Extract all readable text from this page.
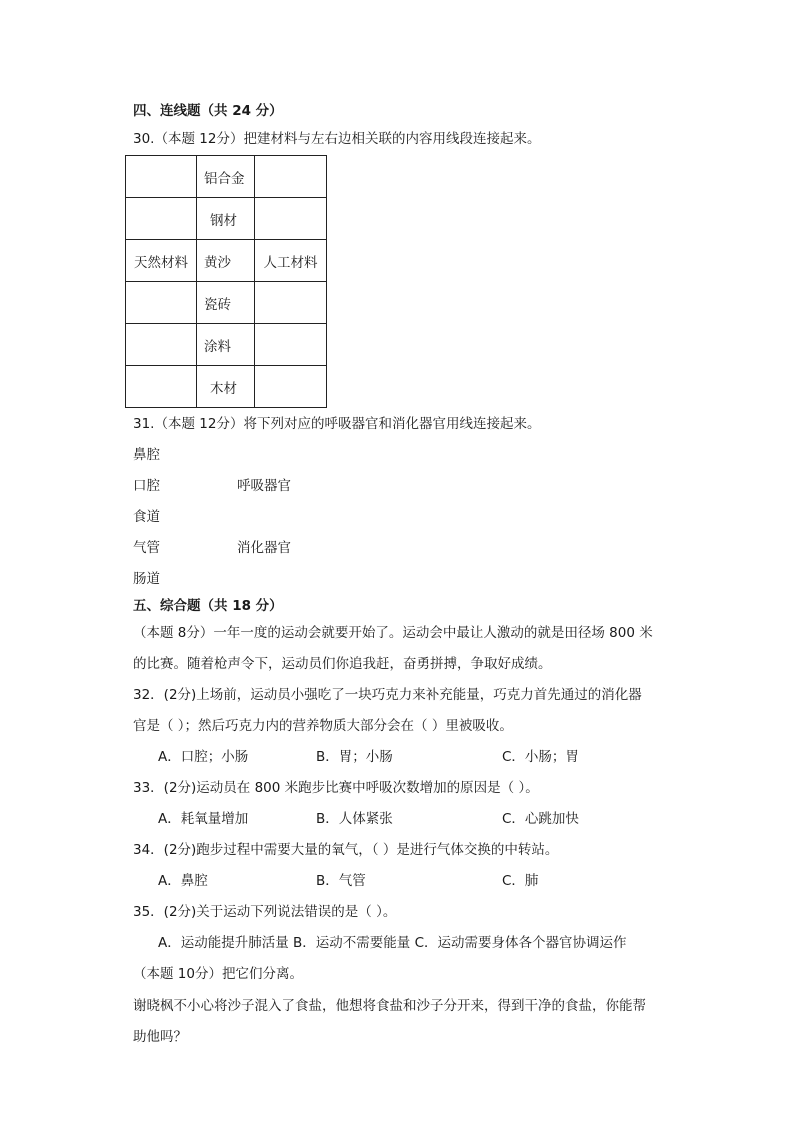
四、连线题（共 24 分）
30.（本题 12分）把建材料与左右边相关联的内容用线段连接起来。
	铝合金	
	钢材	
天然材料	黄沙	人工材料
	瓷砖	
	涂料	
	木材	
31.（本题 12分）将下列对应的呼吸器官和消化器官用线连接起来。
鼻腔
口腔	呼吸器官
食道
气管	消化器官
肠道
五、综合题（共 18 分）
（本题 8分）一年一度的运动会就要开始了。运动会中最让人激动的就是田径场 800 米
的比赛。随着枪声令下，运动员们你追我赶，奋勇拼搏，争取好成绩。
32．(2分)上场前，运动员小强吃了一块巧克力来补充能量，巧克力首先通过的消化器
官是（ ）；然后巧克力内的营养物质大部分会在（ ）里被吸收。
A．口腔；小肠	B．胃；小肠	C．小肠；胃
33．(2分)运动员在 800 米跑步比赛中呼吸次数增加的原因是（ ）。
A．耗氧量增加	B．人体紧张	C．心跳加快
34．(2分)跑步过程中需要大量的氧气，（ ）是进行气体交换的中转站。
A．鼻腔	B．气管	C．肺
35．(2分)关于运动下列说法错误的是（ ）。
A．运动能提升肺活量 B．运动不需要能量 C．运动需要身体各个器官协调运作
（本题 10分）把它们分离。
谢晓枫不小心将沙子混入了食盐，他想将食盐和沙子分开来，得到干净的食盐，你能帮
助他吗？
